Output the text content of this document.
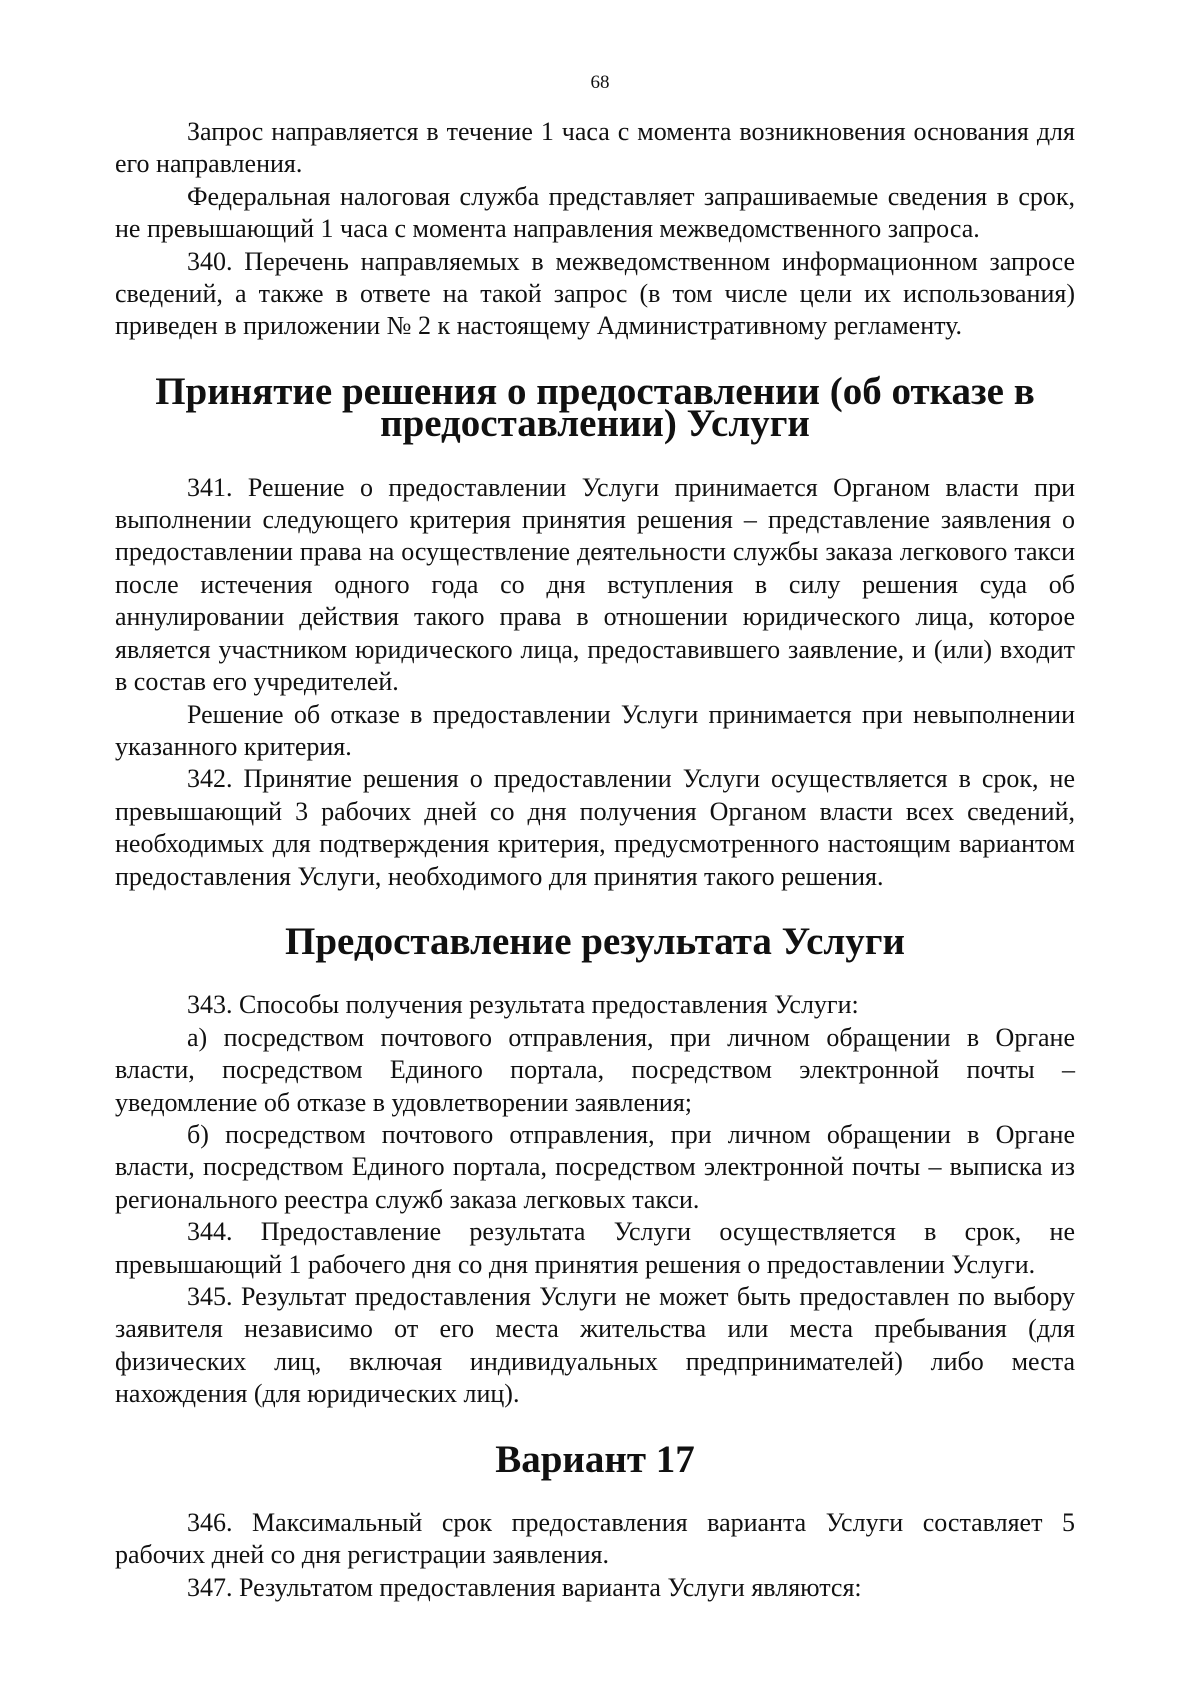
68

Запрос направляется в течение 1 часа с момента возникновения основания для его направления.

Федеральная налоговая служба представляет запрашиваемые сведения в срок, не превышающий 1 часа с момента направления межведомственного запроса.

340. Перечень направляемых в межведомственном информационном запросе сведений, а также в ответе на такой запрос (в том числе цели их использования) приведен в приложении № 2 к настоящему Административному регламенту.

Принятие решения о предоставлении (об отказе в предоставлении) Услуги

341. Решение о предоставлении Услуги принимается Органом власти при выполнении следующего критерия принятия решения – представление заявления о предоставлении права на осуществление деятельности службы заказа легкового такси после истечения одного года со дня вступления в силу решения суда об аннулировании действия такого права в отношении юридического лица, которое является участником юридического лица, предоставившего заявление, и (или) входит в состав его учредителей.

Решение об отказе в предоставлении Услуги принимается при невыполнении указанного критерия.

342. Принятие решения о предоставлении Услуги осуществляется в срок, не превышающий 3 рабочих дней со дня получения Органом власти всех сведений, необходимых для подтверждения критерия, предусмотренного настоящим вариантом предоставления Услуги, необходимого для принятия такого решения.

Предоставление результата Услуги

343. Способы получения результата предоставления Услуги:

а) посредством почтового отправления, при личном обращении в Органе власти, посредством Единого портала, посредством электронной почты – уведомление об отказе в удовлетворении заявления;

б) посредством почтового отправления, при личном обращении в Органе власти, посредством Единого портала, посредством электронной почты – выписка из регионального реестра служб заказа легковых такси.

344. Предоставление результата Услуги осуществляется в срок, не превышающий 1 рабочего дня со дня принятия решения о предоставлении Услуги.

345. Результат предоставления Услуги не может быть предоставлен по выбору заявителя независимо от его места жительства или места пребывания (для физических лиц, включая индивидуальных предпринимателей) либо места нахождения (для юридических лиц).

Вариант 17

346. Максимальный срок предоставления варианта Услуги составляет 5 рабочих дней со дня регистрации заявления.

347. Результатом предоставления варианта Услуги являются:
